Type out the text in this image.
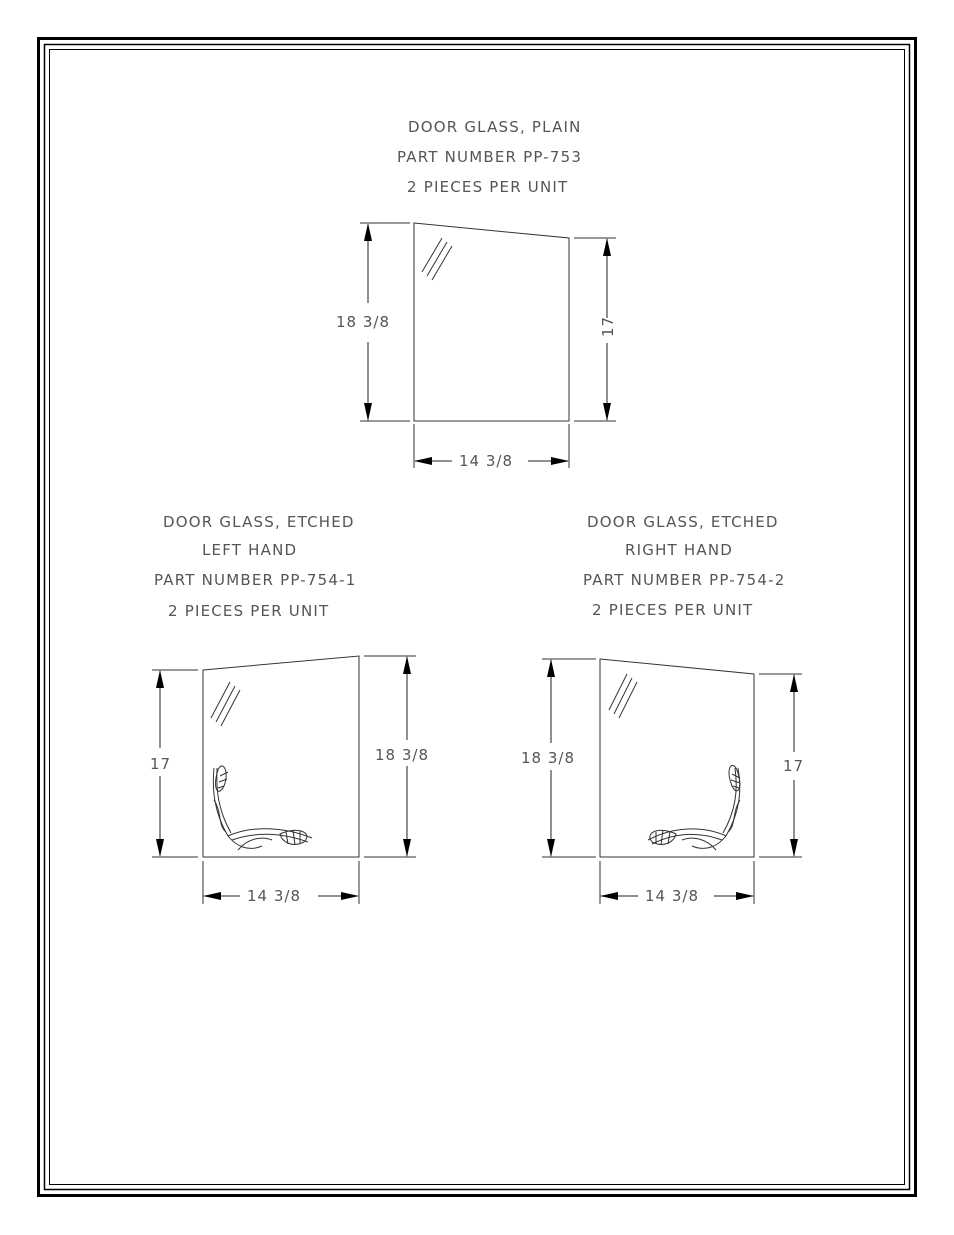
DOOR GLASS, PLAIN
PART NUMBER PP-753
2 PIECES PER UNIT
18 3/8	17
14 3/8
DOOR GLASS, ETCHED
LEFT HAND
PART NUMBER PP-754-1
2 PIECES PER UNIT
17	18 3/8
14 3/8
DOOR GLASS, ETCHED
RIGHT HAND
PART NUMBER PP-754-2
2 PIECES PER UNIT
18 3/8	17
14 3/8
